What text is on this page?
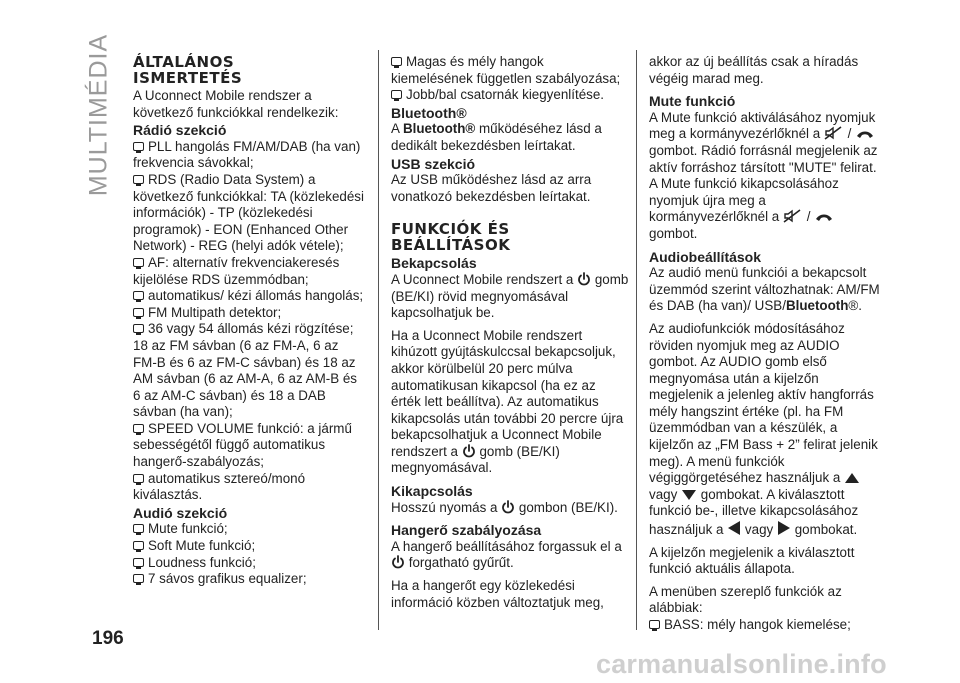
MULTIMÉDIA ÁLTALÁNOS
ISMERTETÉS

A Uconnect Mobile rendszer a következő funkciókkal rendelkezik:

Rádió szekció

PLL hangolás FM/AM/DAB (ha van) frekvencia sávokkal;

RDS (Radio Data System) a következő funkciókkal: TA (közlekedési információk) - TP (közlekedési programok) - EON (Enhanced Other Network) - REG (helyi adók vétele);

AF: alternatív frekvenciakeresés kijelölése RDS üzemmódban;

automatikus/ kézi állomás hangolás;

FM Multipath detektor;

36 vagy 54 állomás kézi rögzítése; 18 az FM sávban (6 az FM-A, 6 az FM-B és 6 az FM-C sávban) és 18 az AM sávban (6 az AM-A, 6 az AM-B és 6 az AM-C sávban) és 18 a DAB sávban (ha van);

SPEED VOLUME funkció: a jármű sebességétől függő automatikus hangerő-szabályozás;

automatikus sztereó/monó kiválasztás.

Audió szekció

Mute funkció;

Soft Mute funkció;

Loudness funkció;

7 sávos grafikus equalizer;

Magas és mély hangok kiemelésének független szabályozása;

Jobb/bal csatornák kiegyenlítése.

Bluetooth®

A Bluetooth® működéséhez lásd a dedikált bekezdésben leírtakat.

USB szekció

Az USB működéshez lásd az arra vonatkozó bekezdésben leírtakat.

FUNKCIÓK ÉS
BEÁLLÍTÁSOK
Bekapcsolás

A Uconnect Mobile rendszert a gomb (BE/KI) rövid megnyomásával kapcsolhatjuk be.

Ha a Uconnect Mobile rendszert kihúzott gyújtáskulccsal bekapcsoljuk, akkor körülbelül 20 perc múlva automatikusan kikapcsol (ha ez az érték lett beállítva). Az automatikus kikapcsolás után további 20 percre újra bekapcsolhatjuk a Uconnect Mobile rendszert a gomb (BE/KI) megnyomásával.

Kikapcsolás

Hosszú nyomás a gombon (BE/KI).

Hangerő szabályozása

A hangerő beállításához forgassuk el a  forgatható gyűrűt.

Ha a hangerőt egy közlekedési információ közben változtatjuk meg,

akkor az új beállítás csak a híradás végéig marad meg.

Mute funkció

A Mute funkció aktiválásához nyomjuk meg a kormányvezérlőknél a /  gombot. Rádió forrásnál megjelenik az aktív forráshoz társított "MUTE" felirat. A Mute funkció kikapcsolásához nyomjuk újra meg a kormányvezérlőknél a /  gombot.

Audiobeállítások

Az audió menü funkciói a bekapcsolt üzemmód szerint változhatnak: AM/FM és DAB (ha van)/ USB/Bluetooth®.

Az audiofunkciók módosításához röviden nyomjuk meg az AUDIO gombot. Az AUDIO gomb első megnyomása után a kijelzőn megjelenik a jelenleg aktív hangforrás mély hangszint értéke (pl. ha FM üzemmódban van a készülék, a kijelzőn az „FM Bass + 2” felirat jelenik meg). A menü funkciók végiggörgetéséhez használjuk a  vagy gombokat. A kiválasztott funkció be-, illetve kikapcsolásához használjuk a vagy gombokat.

A kijelzőn megjelenik a kiválasztott funkció aktuális állapota.

A menüben szereplő funkciók az alábbiak:

BASS: mély hangok kiemelése;

196
carmanualsonline.info
